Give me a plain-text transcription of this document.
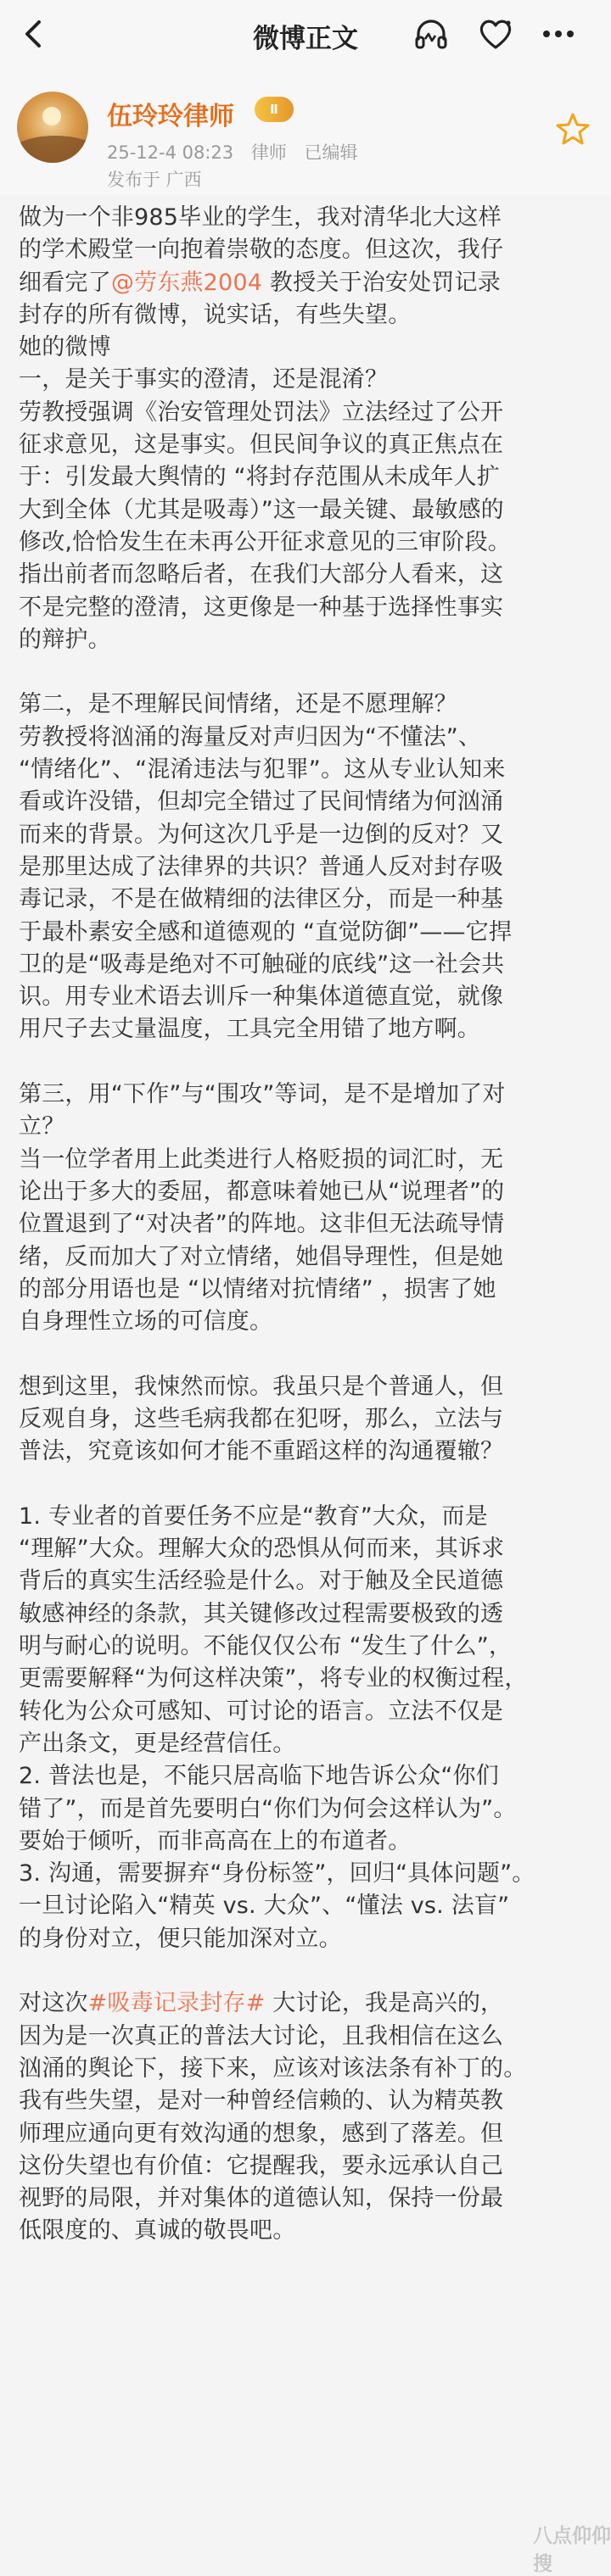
微博正文
伍玲玲律师	Ⅱ
25-12-4 08:23 律师 已编辑
发布于 广西
做为一个非985毕业的学生，我对清华北大这样
的学术殿堂一向抱着崇敬的态度。但这次，我仔
细看完了@劳东燕2004 教授关于治安处罚记录
封存的所有微博，说实话，有些失望。
她的微博
一，是关于事实的澄清，还是混淆？
劳教授强调《治安管理处罚法》立法经过了公开
征求意见，这是事实。但民间争议的真正焦点在
于：引发最大舆情的 “将封存范围从未成年人扩
大到全体（尤其是吸毒）”这一最关键、最敏感的
修改,恰恰发生在未再公开征求意见的三审阶段。
指出前者而忽略后者，在我们大部分人看来，这
不是完整的澄清，这更像是一种基于选择性事实
的辩护。
第二，是不理解民间情绪，还是不愿理解？
劳教授将汹涌的海量反对声归因为“不懂法”、
“情绪化”、“混淆违法与犯罪”。这从专业认知来
看或许没错，但却完全错过了民间情绪为何汹涌
而来的背景。为何这次几乎是一边倒的反对？又
是那里达成了法律界的共识？普通人反对封存吸
毒记录，不是在做精细的法律区分，而是一种基
于最朴素安全感和道德观的 “直觉防御”——它捍
卫的是“吸毒是绝对不可触碰的底线”这一社会共
识。用专业术语去训斥一种集体道德直觉，就像
用尺子去丈量温度，工具完全用错了地方啊。
第三，用“下作”与“围攻”等词，是不是增加了对
立？
当一位学者用上此类进行人格贬损的词汇时，无
论出于多大的委屈，都意味着她已从“说理者”的
位置退到了“对决者”的阵地。这非但无法疏导情
绪，反而加大了对立情绪，她倡导理性，但是她
的部分用语也是 “以情绪对抗情绪” ，损害了她
自身理性立场的可信度。
想到这里，我悚然而惊。我虽只是个普通人，但
反观自身，这些毛病我都在犯呀，那么，立法与
普法，究竟该如何才能不重蹈这样的沟通覆辙？
1. 专业者的首要任务不应是“教育”大众，而是
“理解”大众。理解大众的恐惧从何而来，其诉求
背后的真实生活经验是什么。对于触及全民道德
敏感神经的条款，其关键修改过程需要极致的透
明与耐心的说明。不能仅仅公布 “发生了什么”，
更需要解释“为何这样决策”，将专业的权衡过程，
转化为公众可感知、可讨论的语言。立法不仅是
产出条文，更是经营信任。
2. 普法也是，不能只居高临下地告诉公众“你们
错了”，而是首先要明白“你们为何会这样认为”。
要始于倾听，而非高高在上的布道者。
3. 沟通，需要摒弃“身份标签”，回归“具体问题”。
一旦讨论陷入“精英 vs. 大众”、“懂法 vs. 法盲”
的身份对立，便只能加深对立。
对这次#吸毒记录封存# 大讨论，我是高兴的，
因为是一次真正的普法大讨论，且我相信在这么
汹涌的舆论下，接下来，应该对该法条有补丁的。
我有些失望，是对一种曾经信赖的、认为精英教
师理应通向更有效沟通的想象，感到了落差。但
这份失望也有价值：它提醒我，要永远承认自己
视野的局限，并对集体的道德认知，保持一份最
低限度的、真诚的敬畏吧。
八点仰仰搜
